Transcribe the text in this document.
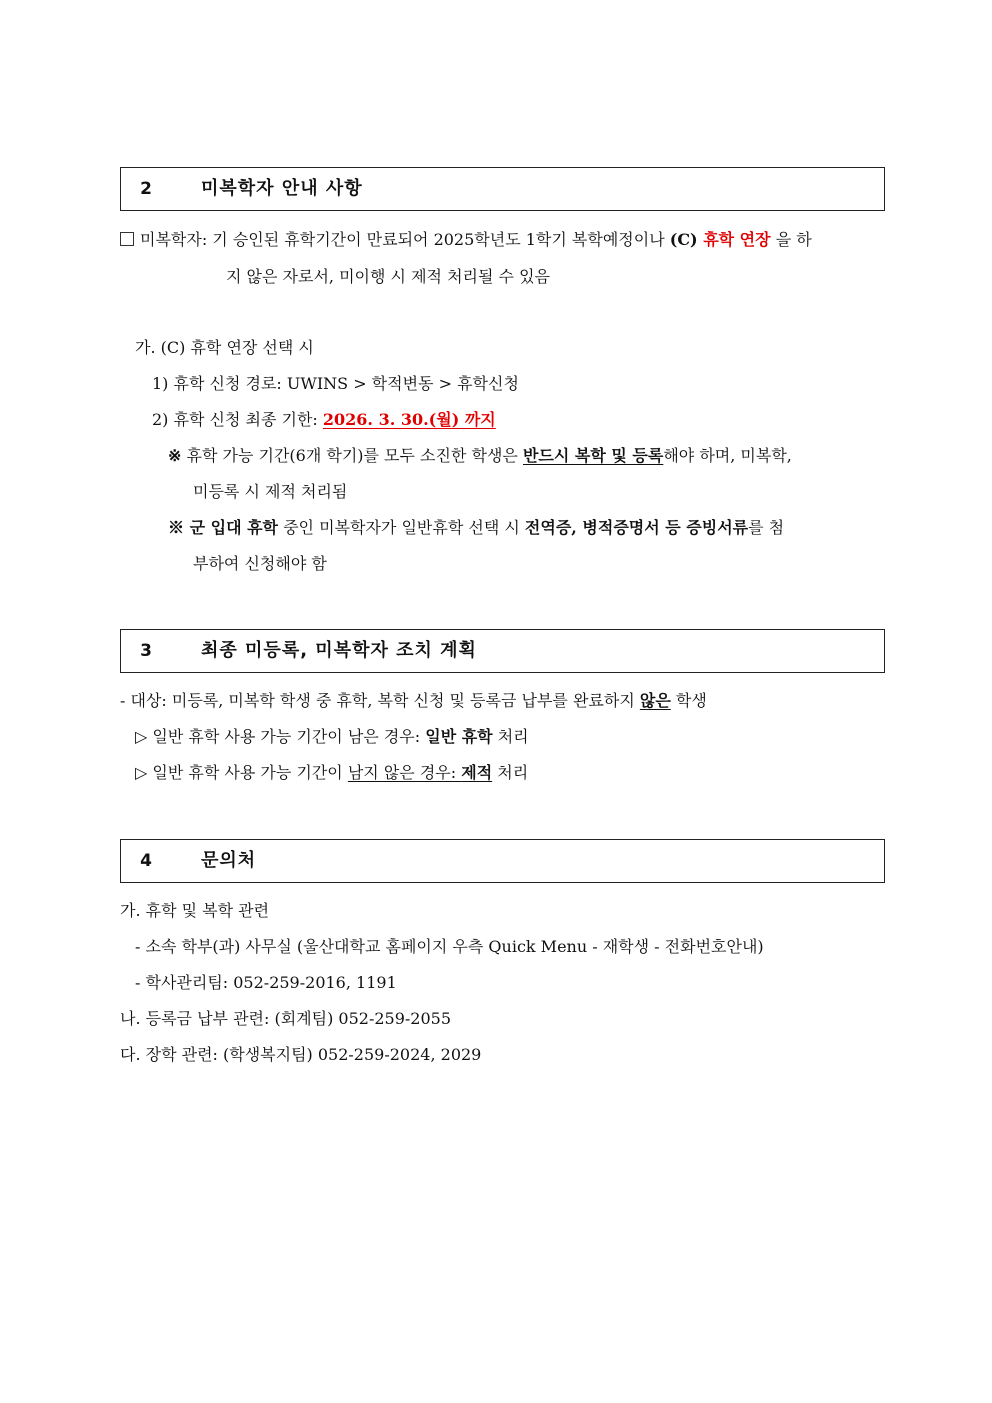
2	미복학자 안내 사항
미복학자: 기 승인된 휴학기간이 만료되어 2025학년도 1학기 복학예정이나 (C) 휴학 연장 을 하
지 않은 자로서, 미이행 시 제적 처리될 수 있음
가. (C) 휴학 연장 선택 시
1) 휴학 신청 경로: UWINS > 학적변동 > 휴학신청
2) 휴학 신청 최종 기한: 2026. 3. 30.(월) 까지
※ 휴학 가능 기간(6개 학기)를 모두 소진한 학생은 반드시 복학 및 등록해야 하며, 미복학,
미등록 시 제적 처리됨
※ 군 입대 휴학 중인 미복학자가 일반휴학 선택 시 전역증, 병적증명서 등 증빙서류를 첨
부하여 신청해야 함
3	최종 미등록, 미복학자 조치 계획
- 대상: 미등록, 미복학 학생 중 휴학, 복학 신청 및 등록금 납부를 완료하지 않은 학생
▷ 일반 휴학 사용 가능 기간이 남은 경우: 일반 휴학 처리
▷ 일반 휴학 사용 가능 기간이 남지 않은 경우: 제적 처리
4	문의처
가. 휴학 및 복학 관련
- 소속 학부(과) 사무실 (울산대학교 홈페이지 우측 Quick Menu - 재학생 - 전화번호안내)
- 학사관리팀: 052-259-2016, 1191
나. 등록금 납부 관련: (회계팀) 052-259-2055
다. 장학 관련: (학생복지팀) 052-259-2024, 2029
